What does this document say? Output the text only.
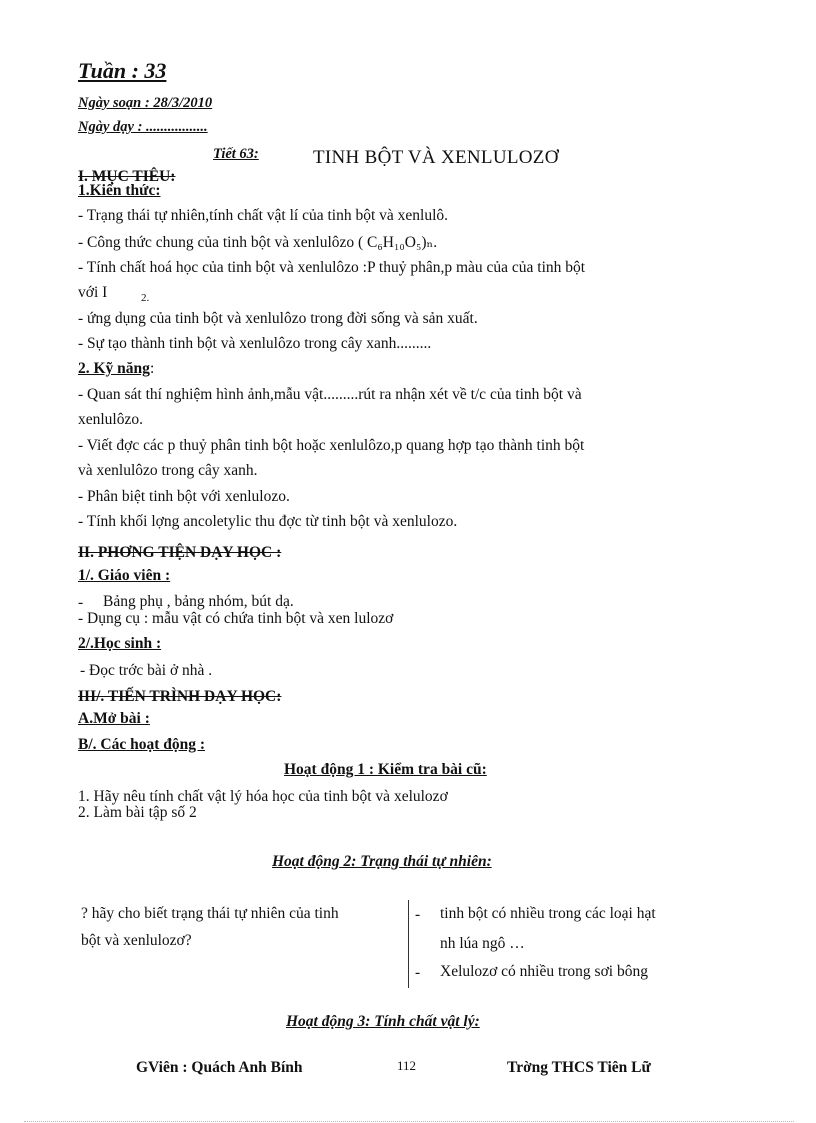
Tuần : 33
Ngày soạn : 28/3/2010
Ngày dạy : .................
Tiết 63:	TINH BỘT VÀ XENLULOZƠ
I. MỤC TIÊU:
1.Kiến thức:
- Trạng thái tự nhiên,tính chất vật lí của tinh bột và xenlulô.
- Công thức chung của tinh bột và xenlulôzo ( C₆H₁₀O₅)ₙ.
- Tính chất hoá học của tinh bột và xenlulôzo :P thuỷ phân,p màu của của tinh bột
với I	2.
- ứng dụng của tinh bột và xenlulôzo trong đời sống và sản xuất.
- Sự tạo thành tinh bột và xenlulôzo trong cây xanh.........
2. Kỹ năng:
- Quan sát thí nghiệm hình ảnh,mẫu vật.........rút ra nhận xét về t/c của tinh bột và
xenlulôzo.
- Viết đợc các p thuỷ phân tinh bột hoặc xenlulôzo,p quang hợp tạo thành tinh bột
và xenlulôzo trong cây xanh.
- Phân biệt tinh bột với xenlulozo.
- Tính khối lợng ancoletylic thu đợc từ tinh bột và xenlulozo.
II. PHƠNG TIỆN DẠY HỌC :
1/. Giáo viên :
- Bảng phụ , bảng nhóm, bút dạ.
- Dụng cụ : mẫu vật có chứa tinh bột và xen lulozơ
2/.Học sinh :
- Đọc trớc bài ở nhà .
III/. TIẾN TRÌNH DẠY HỌC:
A.Mở bài :
B/. Các hoạt động :
Hoạt động 1 : Kiểm tra bài cũ:
1. Hãy nêu tính chất vật lý hóa học của tinh bột và xelulozơ
2. Làm bài tập số 2
Hoạt động 2: Trạng thái tự nhiên:
? hãy cho biết trạng thái tự nhiên của tinh
bột và xenlulozơ?
- tinh bột có nhiều trong các loại hạt
nh lúa ngô …
- Xelulozơ có nhiều trong sơi bông
Hoạt động 3: Tính chất vật lý:
GViên : Quách Anh Bính	112	Trờng THCS Tiên Lữ
